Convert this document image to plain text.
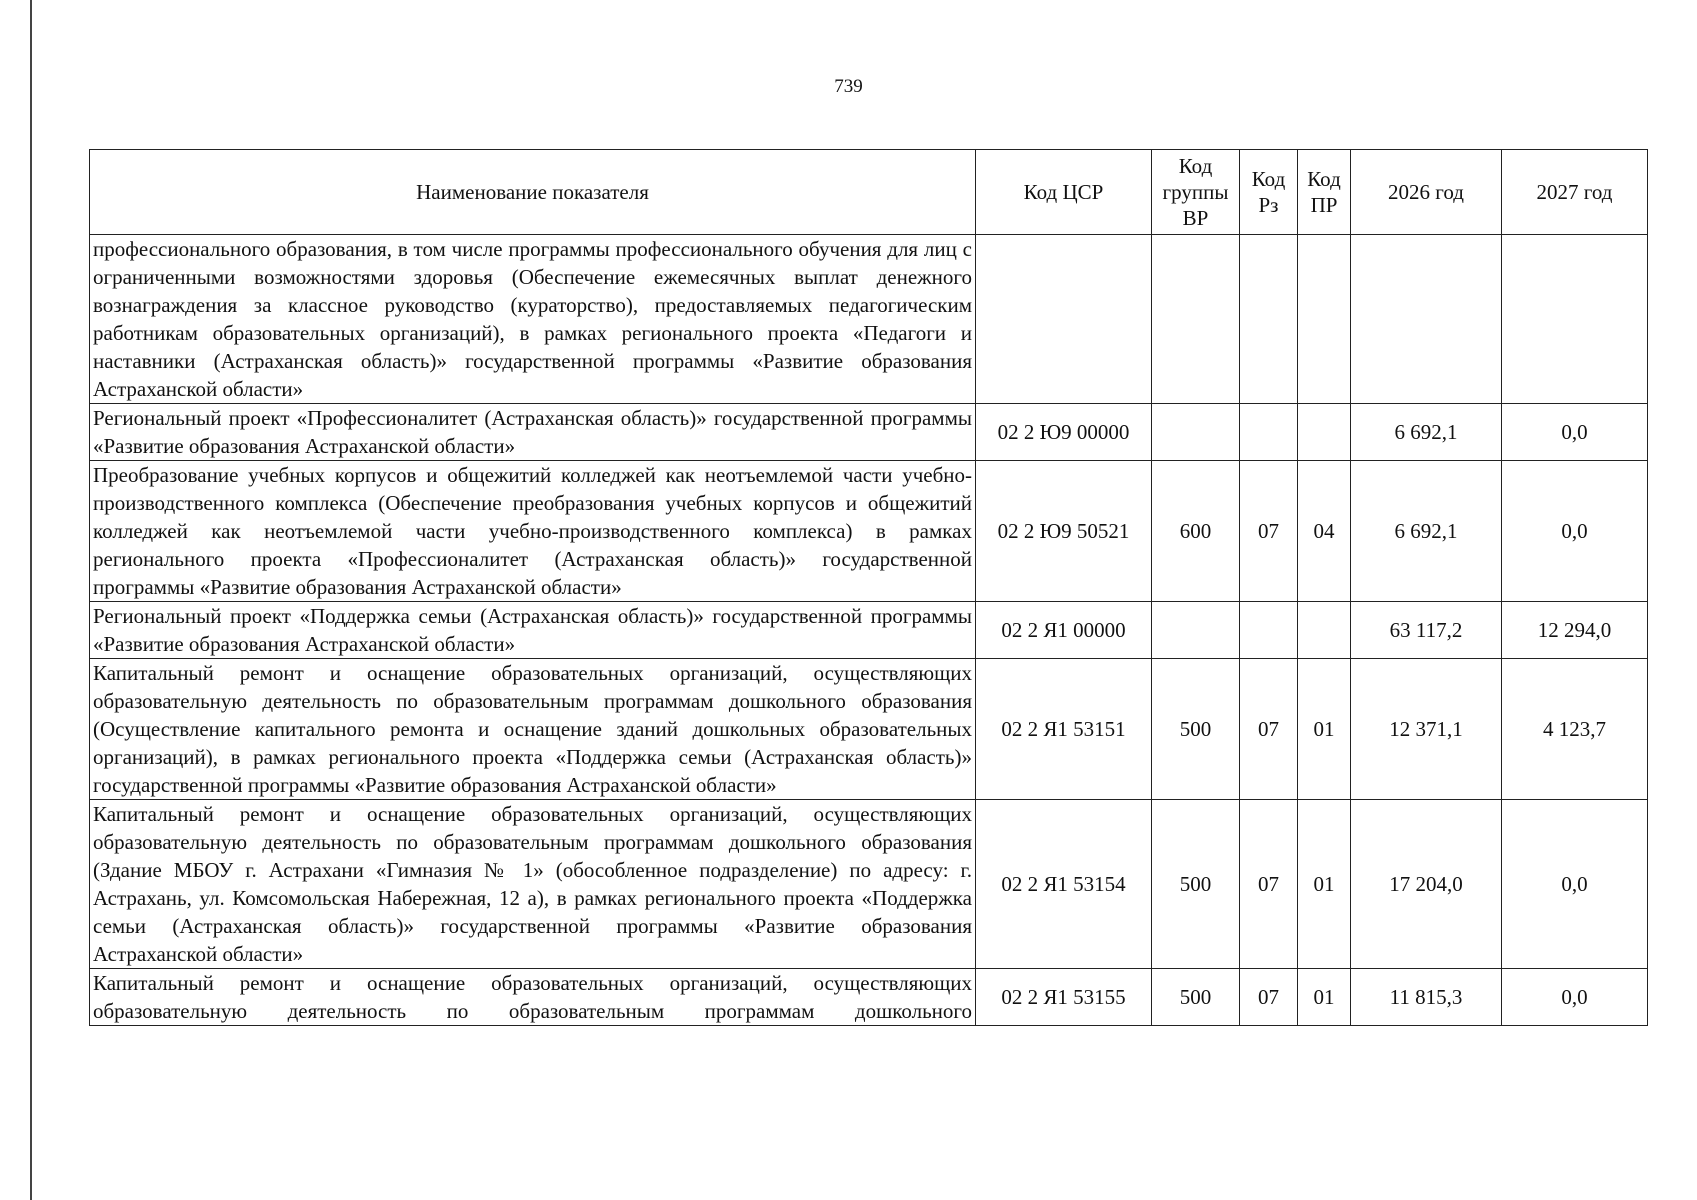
739
Наименование показателя	Код ЦСР	Код группы ВР	Код Рз	Код ПР	2026 год	2027 год
профессионального образования, в том числе программы профессионального обучения для лиц с ограниченными возможностями здоровья (Обеспечение ежемесячных выплат денежного вознаграждения за классное руководство (кураторство), предоставляемых педагогическим работникам образовательных организаций), в рамках регионального проекта «Педагоги и наставники (Астраханская область)» государственной программы «Развитие образования Астраханской области»						
Региональный проект «Профессионалитет (Астраханская область)» государственной программы «Развитие образования Астраханской области»	02 2 Ю9 00000				6 692,1	0,0
Преобразование учебных корпусов и общежитий колледжей как неотъемлемой части учебно-производственного комплекса (Обеспечение преобразования учебных корпусов и общежитий колледжей как неотъемлемой части учебно-производственного комплекса) в рамках регионального проекта «Профессионалитет (Астраханская область)» государственной программы «Развитие образования Астраханской области»	02 2 Ю9 50521	600	07	04	6 692,1	0,0
Региональный проект «Поддержка семьи (Астраханская область)» государственной программы «Развитие образования Астраханской области»	02 2 Я1 00000				63 117,2	12 294,0
Капитальный ремонт и оснащение образовательных организаций, осуществляющих образовательную деятельность по образовательным программам дошкольного образования (Осуществление капитального ремонта и оснащение зданий дошкольных образовательных организаций), в рамках регионального проекта «Поддержка семьи (Астраханская область)» государственной программы «Развитие образования Астраханской области»	02 2 Я1 53151	500	07	01	12 371,1	4 123,7
Капитальный ремонт и оснащение образовательных организаций, осуществляющих образовательную деятельность по образовательным программам дошкольного образования (Здание МБОУ г. Астрахани «Гимназия № 1» (обособленное подразделение) по адресу: г. Астрахань, ул. Комсомольская Набережная, 12 а), в рамках регионального проекта «Поддержка семьи (Астраханская область)» государственной программы «Развитие образования Астраханской области»	02 2 Я1 53154	500	07	01	17 204,0	0,0
Капитальный ремонт и оснащение образовательных организаций, осуществляющих образовательную деятельность по образовательным программам дошкольного	02 2 Я1 53155	500	07	01	11 815,3	0,0
